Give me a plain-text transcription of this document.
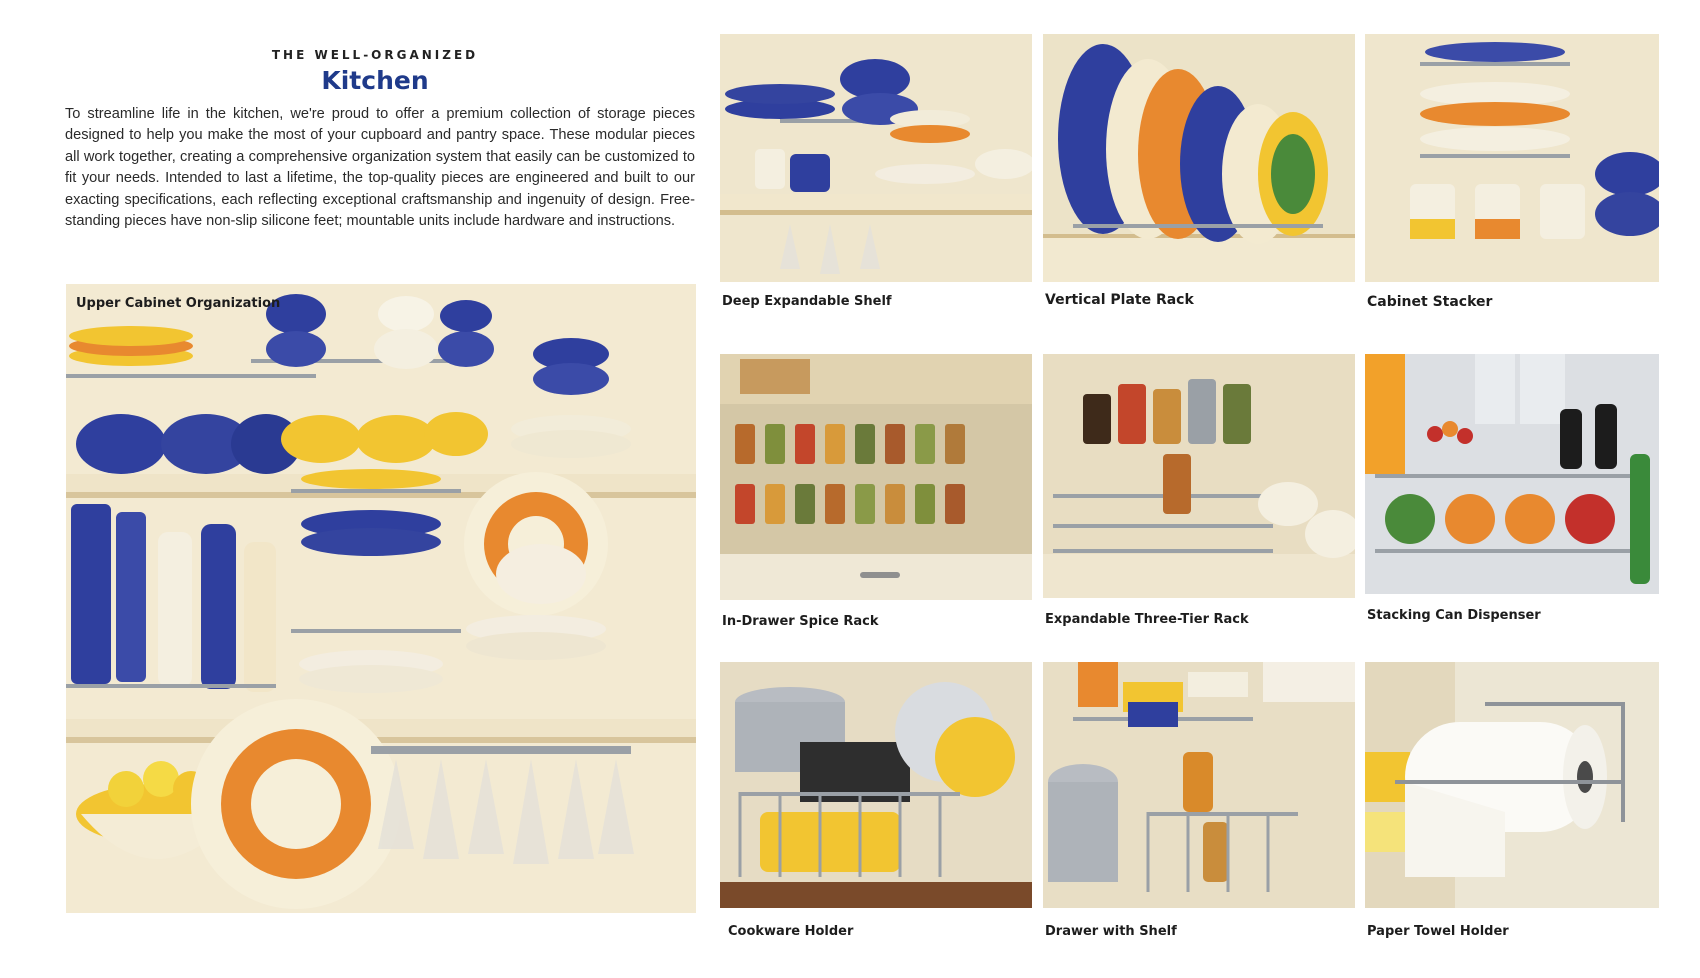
THE WELL-ORGANIZED
Kitchen

To streamline life in the kitchen, we're proud to offer a premium collection of storage pieces designed to help you make the most of your cupboard and pantry space. These modular pieces all work together, creating a comprehensive organization system that easily can be customized to fit your needs. Intended to last a lifetime, the top-quality pieces are engineered and built to our exacting specifications, each reflecting exceptional craftsmanship and ingenuity of design. Free-standing pieces have non-slip silicone feet; mountable units include hardware and instructions.

Upper Cabinet Organization	Deep Expandable Shelf	Vertical Plate Rack	Cabinet Stacker
In-Drawer Spice Rack	Expandable Three-Tier Rack	Stacking Can Dispenser
Cookware Holder	Drawer with Shelf	Paper Towel Holder
